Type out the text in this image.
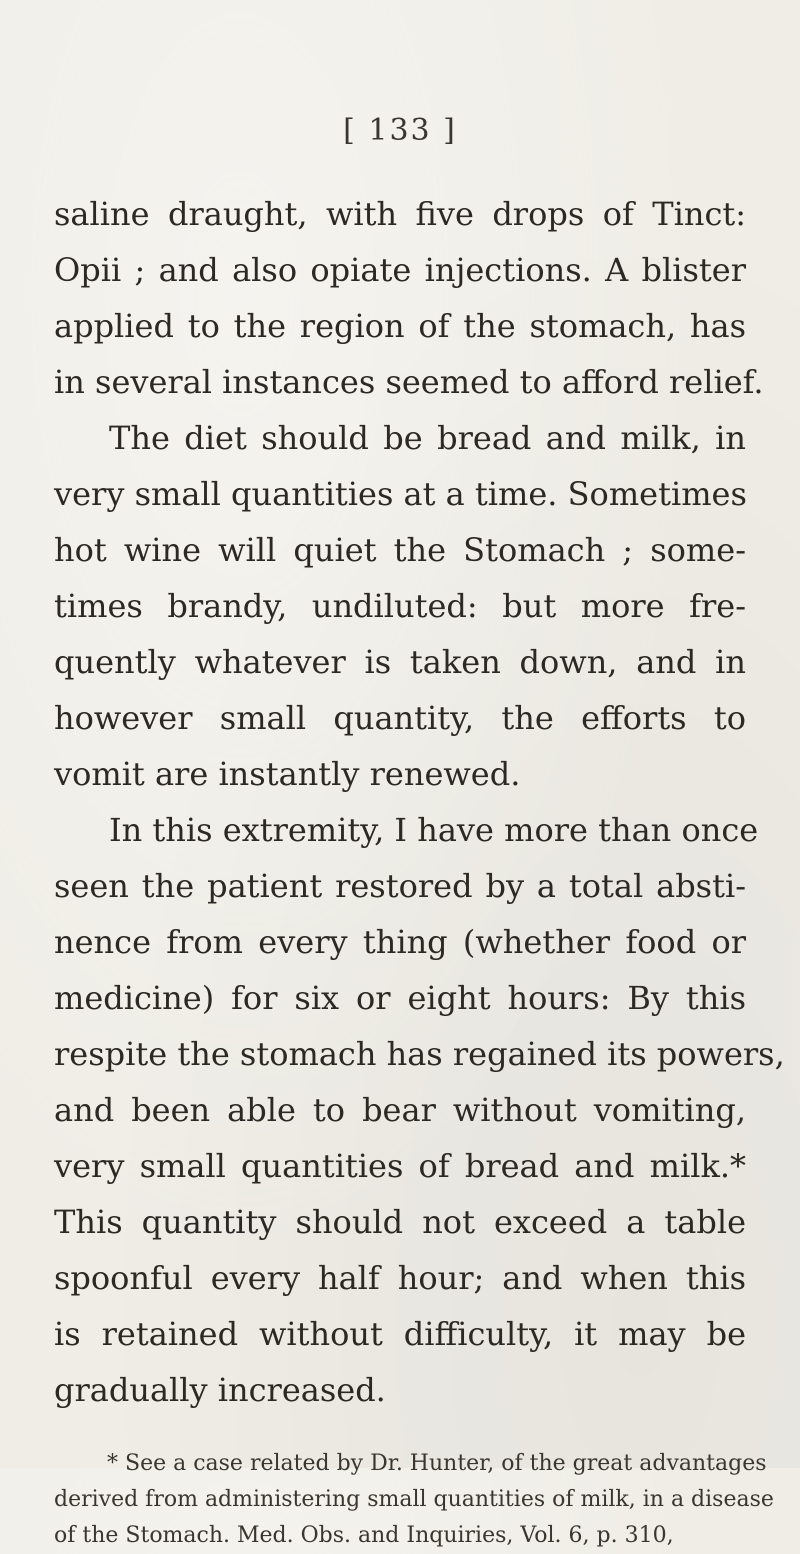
[ 133 ]
saline draught, with five drops of Tinct:
Opii ; and also opiate injections. A blister
applied to the region of the stomach, has
in several instances seemed to afford relief.
The diet should be bread and milk, in
very small quantities at a time. Sometimes
hot wine will quiet the Stomach ; some-
times brandy, undiluted: but more fre-
quently whatever is taken down, and in
however small quantity, the efforts to
vomit are instantly renewed.
In this extremity, I have more than once
seen the patient restored by a total absti-
nence from every thing (whether food or
medicine) for six or eight hours: By this
respite the stomach has regained its powers,
and been able to bear without vomiting,
very small quantities of bread and milk.*
This quantity should not exceed a table
spoonful every half hour; and when this
is retained without difficulty, it may be
gradually increased.
* See a case related by Dr. Hunter, of the great advantages
derived from administering small quantities of milk, in a disease
of the Stomach. Med. Obs. and Inquiries, Vol. 6, p. 310,
